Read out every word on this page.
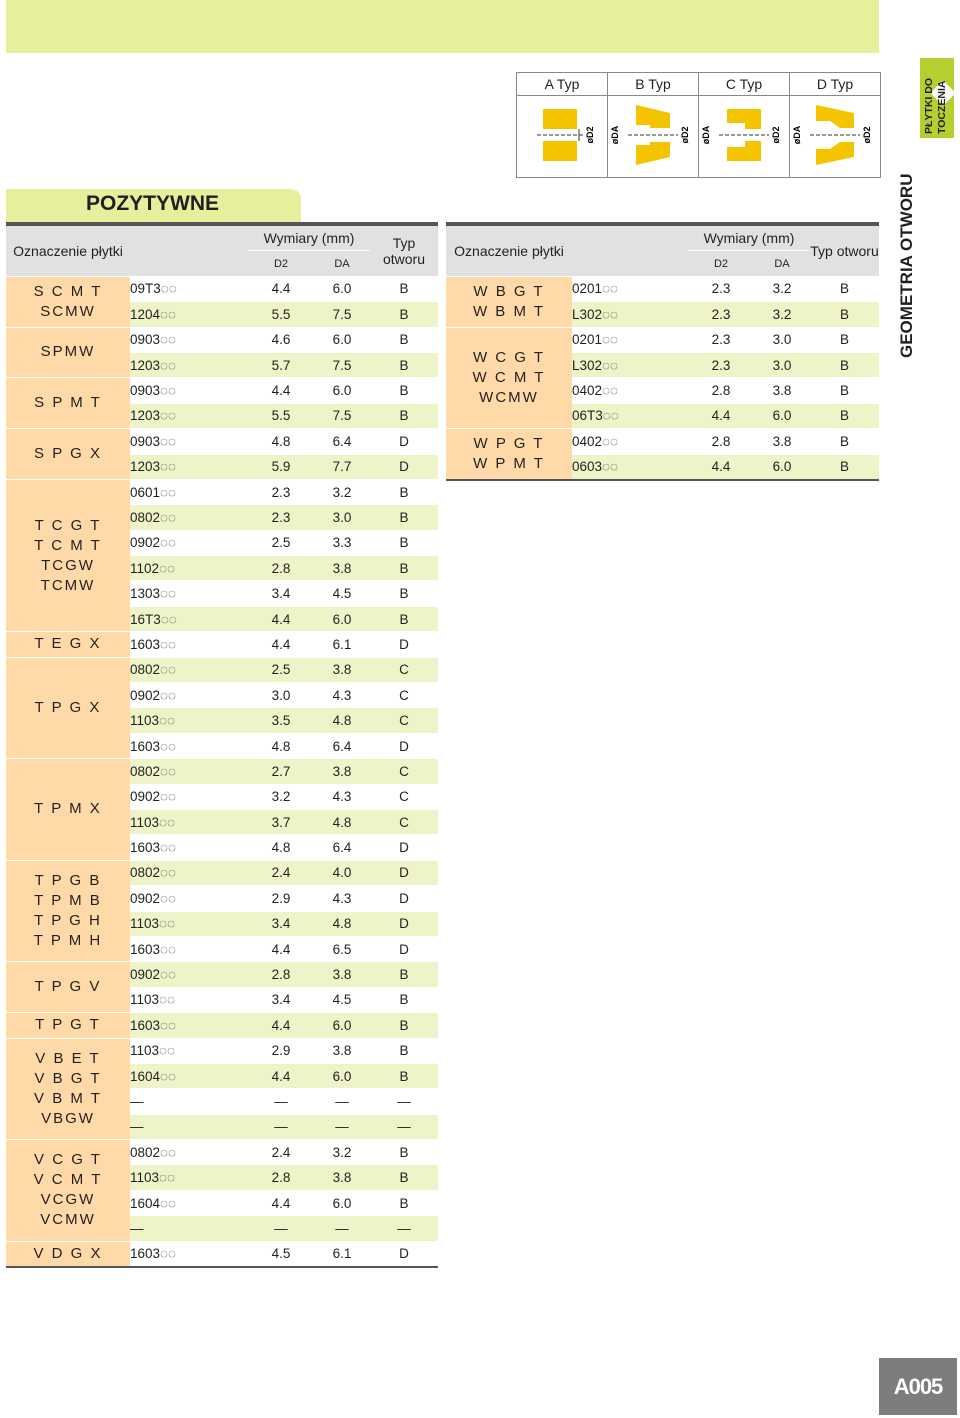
PŁYTKI DO TOCZENIA
GEOMETRIA OTWORU
A005
POZYTYWNE
A Typ	B Typ	C Typ	D Typ
øD2 øDA	øD2 øDA	øD2 øDA	øD2
Oznaczenie płytki		Wymiary (mm)		Typ otworu
		D2	DA	

S C M T
SCMW	09T3◌◌	4.4	6.0	B
	1204◌◌	5.5	7.5	B

SPMW	0903◌◌	4.6	6.0	B
	1203◌◌	5.7	7.5	B

S P M T	0903◌◌	4.4	6.0	B
	1203◌◌	5.5	7.5	B

S P G X	0903◌◌	4.8	6.4	D
	1203◌◌	5.9	7.7	D

T C G T
T C M T
TCGW
TCMW	0601◌◌	2.3	3.2	B
	0802◌◌	2.3	3.0	B
	0902◌◌	2.5	3.3	B
	1102◌◌	2.8	3.8	B
	1303◌◌	3.4	4.5	B
	16T3◌◌	4.4	6.0	B

T E G X	1603◌◌	4.4	6.1	D

T P G X	0802◌◌	2.5	3.8	C
	0902◌◌	3.0	4.3	C
	1103◌◌	3.5	4.8	C
	1603◌◌	4.8	6.4	D

T P M X	0802◌◌	2.7	3.8	C
	0902◌◌	3.2	4.3	C
	1103◌◌	3.7	4.8	C
	1603◌◌	4.8	6.4	D

T P G B
T P M B
T P G H
T P M H	0802◌◌	2.4	4.0	D
	0902◌◌	2.9	4.3	D
	1103◌◌	3.4	4.8	D
	1603◌◌	4.4	6.5	D

T P G V	0902◌◌	2.8	3.8	B
	1103◌◌	3.4	4.5	B

T P G T	1603◌◌	4.4	6.0	B

V B E T
V B G T
V B M T
VBGW	1103◌◌	2.9	3.8	B
	1604◌◌	4.4	6.0	B
	—	—	—	—
	—	—	—	—

V C G T
V C M T
VCGW
VCMW	0802◌◌	2.4	3.2	B
	1103◌◌	2.8	3.8	B
	1604◌◌	4.4	6.0	B
	—	—	—	—

V D G X	1603◌◌	4.5	6.1	D
Oznaczenie płytki		Wymiary (mm)		Typ otworu
		D2	DA	

W B G T
W B M T	0201◌◌	2.3	3.2	B
	L302◌◌	2.3	3.2	B

W C G T
W C M T
WCMW	0201◌◌	2.3	3.0	B
	L302◌◌	2.3	3.0	B
	0402◌◌	2.8	3.8	B
	06T3◌◌	4.4	6.0	B

W P G T
W P M T	0402◌◌	2.8	3.8	B
	0603◌◌	4.4	6.0	B
